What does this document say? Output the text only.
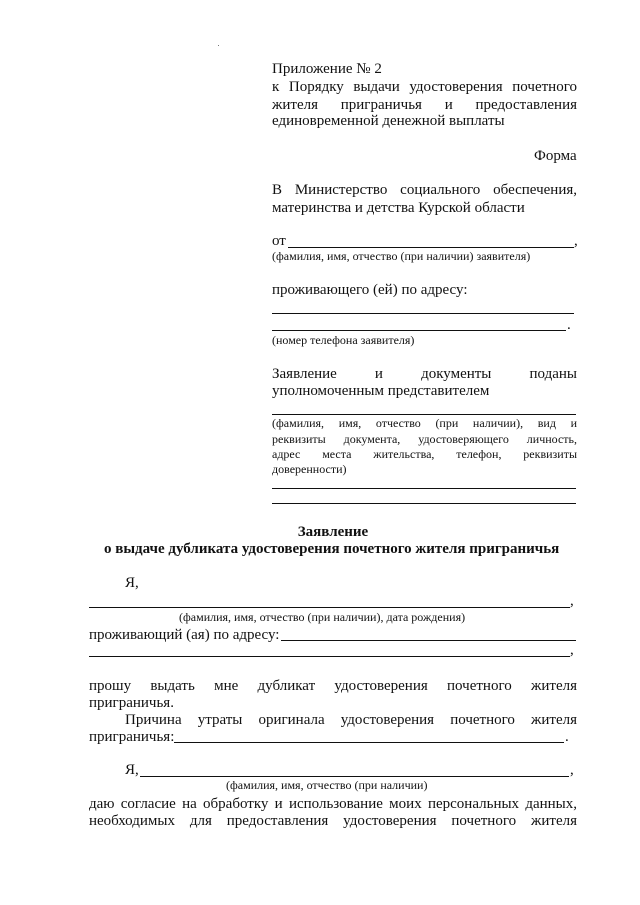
Приложение № 2
к Порядку выдачи удостоверения почетного
жителя приграничья и предоставления
единовременной денежной выплаты
Форма
В Министерство социального обеспечения,
материнства и детства Курской области
от	,
(фамилия, имя, отчество (при наличии) заявителя)
проживающего (ей) по адресу:
.
(номер телефона заявителя)
Заявление и документы поданы
уполномоченным представителем
(фамилия, имя, отчество (при наличии), вид и
реквизиты документа, удостоверяющего личность,
адрес места жительства, телефон, реквизиты
доверенности)
Заявление
о выдаче дубликата удостоверения почетного жителя приграничья
Я,
,
(фамилия, имя, отчество (при наличии), дата рождения)
проживающий (ая) по адресу:
,
прошу выдать мне дубликат удостоверения почетного жителя
приграничья.
Причина утраты оригинала удостоверения почетного жителя
приграничья:	.
Я,	,
(фамилия, имя, отчество (при наличии)
даю согласие на обработку и использование моих персональных данных,
необходимых для предоставления удостоверения почетного жителя
